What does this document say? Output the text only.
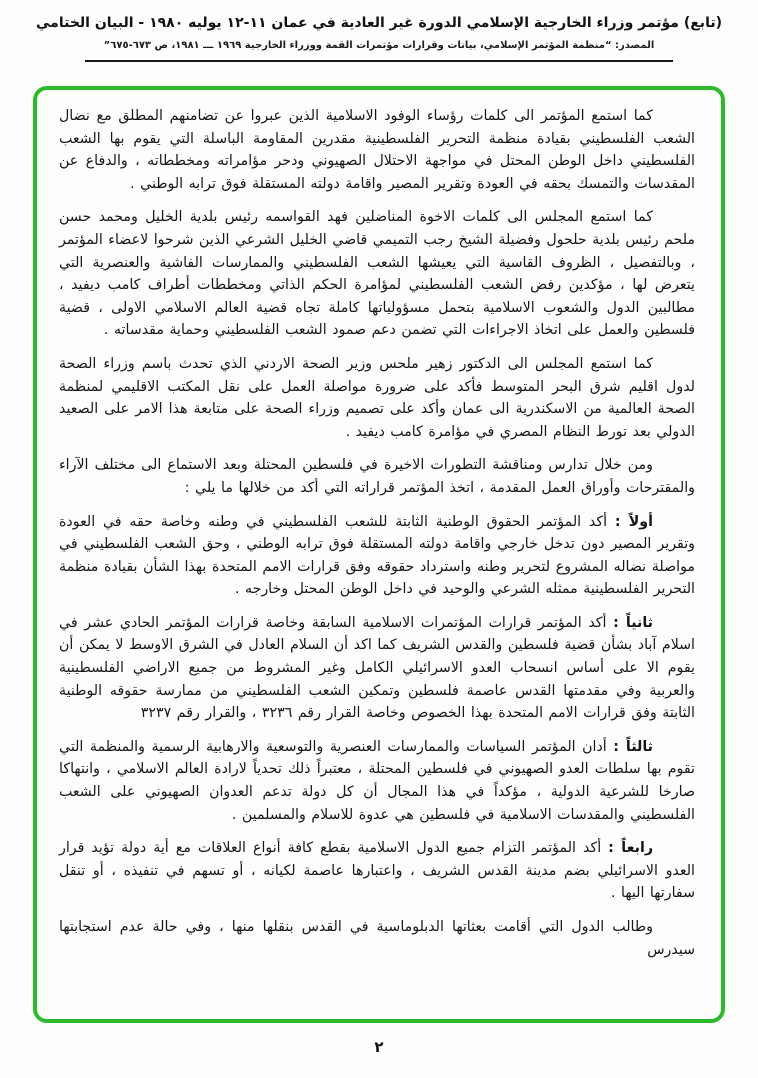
(تابع) مؤتمر وزراء الخارجية الإسلامي الدورة غير العادية في عمان ١١-١٢ يوليه ١٩٨٠ - البيان الختامي
المصدر: “منظمة المؤتمر الإسلامي، بيانات وقرارات مؤتمرات القمة ووزراء الخارجية ١٩٦٩ ـــ ١٩٨١، ص ٦٧٣-٦٧٥”

كما استمع المؤتمر الى كلمات رؤساء الوفود الاسلامية الذين عبروا عن تضامنهم المطلق مع نضال الشعب الفلسطيني بقيادة منظمة التحرير الفلسطينية مقدرين المقاومة الباسلة التي يقوم بها الشعب الفلسطيني داخل الوطن المحتل في مواجهة الاحتلال الصهيوني ودحر مؤامراته ومخططاته ، والدفاع عن المقدسات والتمسك بحقه في العودة وتقرير المصير واقامة دولته المستقلة فوق ترابه الوطني .

كما استمع المجلس الى كلمات الاخوة المناضلين فهد القواسمه رئيس بلدية الخليل ومحمد حسن ملحم رئيس بلدية حلحول وفضيلة الشيخ رجب التميمي قاضي الخليل الشرعي الذين شرحوا لاعضاء المؤتمر ، وبالتفصيل ، الظروف القاسية التي يعيشها الشعب الفلسطيني والممارسات الفاشية والعنصرية التي يتعرض لها ، مؤكدين رفض الشعب الفلسطيني لمؤامرة الحكم الذاتي ومخططات أطراف كامب ديفيد ، مطالبين الدول والشعوب الاسلامية بتحمل مسؤولياتها كاملة تجاه قضية العالم الاسلامي الاولى ، قضية فلسطين والعمل على اتخاذ الاجراءات التي تضمن دعم صمود الشعب الفلسطيني وحماية مقدساته .

كما استمع المجلس الى الدكتور زهير ملحس وزير الصحة الاردني الذي تحدث باسم وزراء الصحة لدول اقليم شرق البحر المتوسط فأكد على ضرورة مواصلة العمل على نقل المكتب الاقليمي لمنظمة الصحة العالمية من الاسكندرية الى عمان وأكد على تصميم وزراء الصحة على متابعة هذا الامر على الصعيد الدولي بعد تورط النظام المصري في مؤامرة كامب ديفيد .

ومن خلال تدارس ومناقشة التطورات الاخيرة في فلسطين المحتلة وبعد الاستماع الى مختلف الآراء والمقترحات وأوراق العمل المقدمة ، اتخذ المؤتمر قراراته التي أكد من خلالها ما يلي :

أولاً : أكد المؤتمر الحقوق الوطنية الثابتة للشعب الفلسطيني في وطنه وخاصة حقه في العودة وتقرير المصير دون تدخل خارجي واقامة دولته المستقلة فوق ترابه الوطني ، وحق الشعب الفلسطيني في مواصلة نضاله المشروع لتحرير وطنه واسترداد حقوقه وفق قرارات الامم المتحدة بهذا الشأن بقيادة منظمة التحرير الفلسطينية ممثله الشرعي والوحيد في داخل الوطن المحتل وخارجه .

ثانياً : أكد المؤتمر قرارات المؤتمرات الاسلامية السابقة وخاصة قرارات المؤتمر الحادي عشر في اسلام آباد بشأن قضية فلسطين والقدس الشريف كما اكد أن السلام العادل في الشرق الاوسط لا يمكن أن يقوم الا على أساس انسحاب العدو الاسرائيلي الكامل وغير المشروط من جميع الاراضي الفلسطينية والعربية وفي مقدمتها القدس عاصمة فلسطين وتمكين الشعب الفلسطيني من ممارسة حقوقه الوطنية الثابتة وفق قرارات الامم المتحدة بهذا الخصوص وخاصة القرار رقم ٣٢٣٦ ، والقرار رقم ٣٢٣٧

ثالثاً : أدان المؤتمر السياسات والممارسات العنصرية والتوسعية والارهابية الرسمية والمنظمة التي تقوم بها سلطات العدو الصهيوني في فلسطين المحتلة ، معتبراً ذلك تحدياً لارادة العالم الاسلامي ، وانتهاكا صارخا للشرعية الدولية ، مؤكداً في هذا المجال أن كل دولة تدعم العدوان الصهيوني على الشعب الفلسطيني والمقدسات الاسلامية في فلسطين هي عدوة للاسلام والمسلمين .

رابعاً : أكد المؤتمر التزام جميع الدول الاسلامية بقطع كافة أنواع العلاقات مع أية دولة تؤيد قرار العدو الاسرائيلي بضم مدينة القدس الشريف ، واعتبارها عاصمة لكيانه ، أو تسهم في تنفيذه ، أو تنقل سفارتها اليها .

وطالب الدول التي أقامت بعثاتها الدبلوماسية في القدس بنقلها منها ، وفي حالة عدم استجابتها سيدرس

٢
